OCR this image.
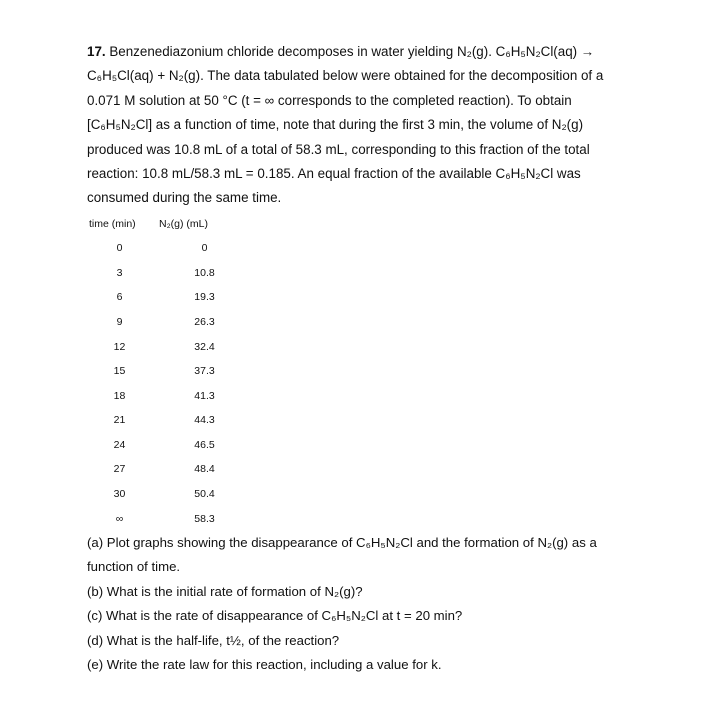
17. Benzenediazonium chloride decomposes in water yielding N₂(g). C₆H₅N₂Cl(aq) →

C₆H₅Cl(aq) + N₂(g). The data tabulated below were obtained for the decomposition of a

0.071 M solution at 50 °C (t = ∞ corresponds to the completed reaction). To obtain

[C₆H₅N₂Cl] as a function of time, note that during the first 3 min, the volume of N₂(g)

produced was 10.8 mL of a total of 58.3 mL, corresponding to this fraction of the total

reaction: 10.8 mL/58.3 mL = 0.185. An equal fraction of the available C₆H₅N₂Cl was

consumed during the same time.

time (min)	N₂(g) (mL)
0	0
3	10.8
6	19.3
9	26.3
12	32.4
15	37.3
18	41.3
21	44.3
24	46.5
27	48.4
30	50.4
∞	58.3

(a) Plot graphs showing the disappearance of C₆H₅N₂Cl and the formation of N₂(g) as a

function of time.

(b) What is the initial rate of formation of N₂(g)?

(c) What is the rate of disappearance of C₆H₅N₂Cl at t = 20 min?

(d) What is the half-life, t½, of the reaction?

(e) Write the rate law for this reaction, including a value for k.
